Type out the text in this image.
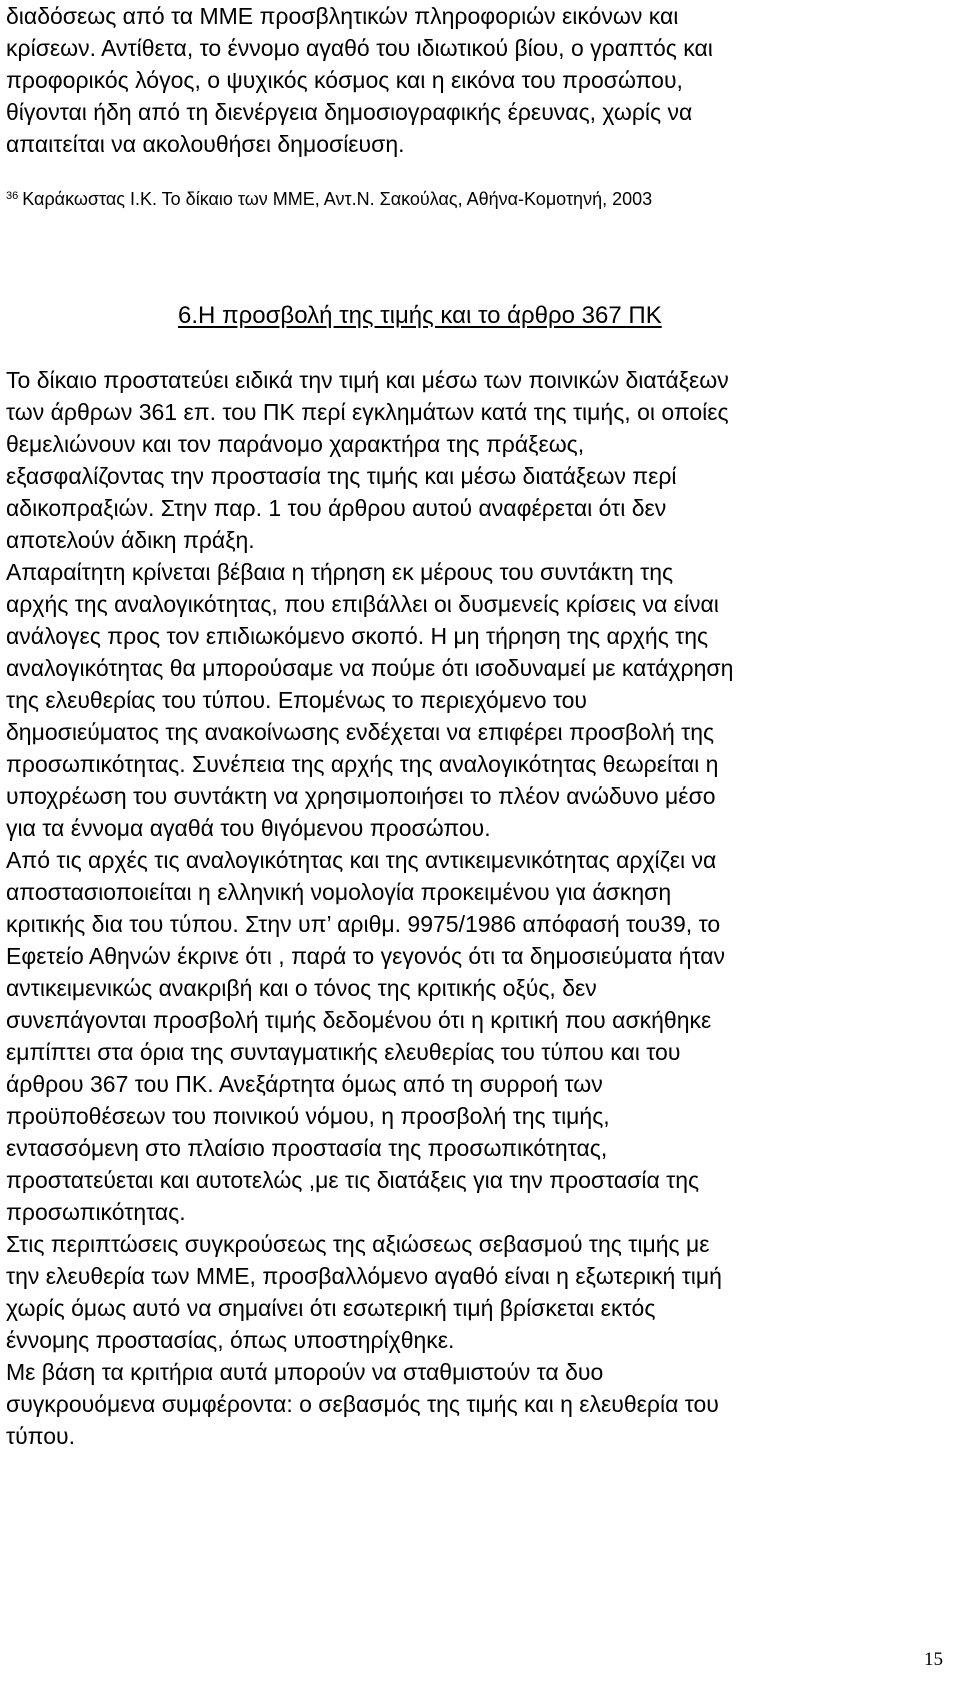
διαδόσεως από τα ΜΜΕ προσβλητικών πληροφοριών εικόνων και
κρίσεων. Αντίθετα, το έννομο αγαθό του ιδιωτικού βίου, ο γραπτός και
προφορικός λόγος, ο ψυχικός κόσμος και η εικόνα του προσώπου,
θίγονται ήδη από τη διενέργεια δημοσιογραφικής έρευνας, χωρίς να
απαιτείται να ακολουθήσει δημοσίευση.
$^{36}$ Καράκωστας Ι.Κ. Το δίκαιο των ΜΜΕ, Αντ.Ν. Σακούλας, Αθήνα-Κομοτηνή, 2003
6.Η προσβολή της τιμής και το άρθρο 367 ΠΚ
Το δίκαιο προστατεύει ειδικά την τιμή και μέσω των ποινικών διατάξεων
των άρθρων 361 επ. του ΠΚ περί εγκλημάτων κατά της τιμής, οι οποίες
θεμελιώνουν και τον παράνομο χαρακτήρα της πράξεως,
εξασφαλίζοντας την προστασία της τιμής και μέσω διατάξεων περί
αδικοπραξιών. Στην παρ. 1 του άρθρου αυτού αναφέρεται ότι δεν
αποτελούν άδικη πράξη.
Απαραίτητη κρίνεται βέβαια η τήρηση εκ μέρους του συντάκτη της
αρχής της αναλογικότητας, που επιβάλλει οι δυσμενείς κρίσεις να είναι
ανάλογες προς τον επιδιωκόμενο σκοπό. Η μη τήρηση της αρχής της
αναλογικότητας θα μπορούσαμε να πούμε ότι ισοδυναμεί με κατάχρηση
της ελευθερίας του τύπου. Επομένως το περιεχόμενο του
δημοσιεύματος της ανακοίνωσης ενδέχεται να επιφέρει προσβολή της
προσωπικότητας. Συνέπεια της αρχής της αναλογικότητας θεωρείται η
υποχρέωση του συντάκτη να χρησιμοποιήσει το πλέον ανώδυνο μέσο
για τα έννομα αγαθά του θιγόμενου προσώπου.
Από τις αρχές τις αναλογικότητας και της αντικειμενικότητας αρχίζει να
αποστασιοποιείται η ελληνική νομολογία προκειμένου για άσκηση
κριτικής δια του τύπου. Στην υπ’ αριθμ. 9975/1986 απόφασή του39, το
Εφετείο Αθηνών έκρινε ότι , παρά το γεγονός ότι τα δημοσιεύματα ήταν
αντικειμενικώς ανακριβή και ο τόνος της κριτικής οξύς, δεν
συνεπάγονται προσβολή τιμής δεδομένου ότι η κριτική που ασκήθηκε
εμπίπτει στα όρια της συνταγματικής ελευθερίας του τύπου και του
άρθρου 367 του ΠΚ. Ανεξάρτητα όμως από τη συρροή των
προϋποθέσεων του ποινικού νόμου, η προσβολή της τιμής,
εντασσόμενη στο πλαίσιο προστασία της προσωπικότητας,
προστατεύεται και αυτοτελώς ,με τις διατάξεις για την προστασία της
προσωπικότητας.
Στις περιπτώσεις συγκρούσεως της αξιώσεως σεβασμού της τιμής με
την ελευθερία των ΜΜΕ, προσβαλλόμενο αγαθό είναι η εξωτερική τιμή
χωρίς όμως αυτό να σημαίνει ότι εσωτερική τιμή βρίσκεται εκτός
έννομης προστασίας, όπως υποστηρίχθηκε.
Με βάση τα κριτήρια αυτά μπορούν να σταθμιστούν τα δυο
συγκρουόμενα συμφέροντα: ο σεβασμός της τιμής και η ελευθερία του
τύπου.
15
